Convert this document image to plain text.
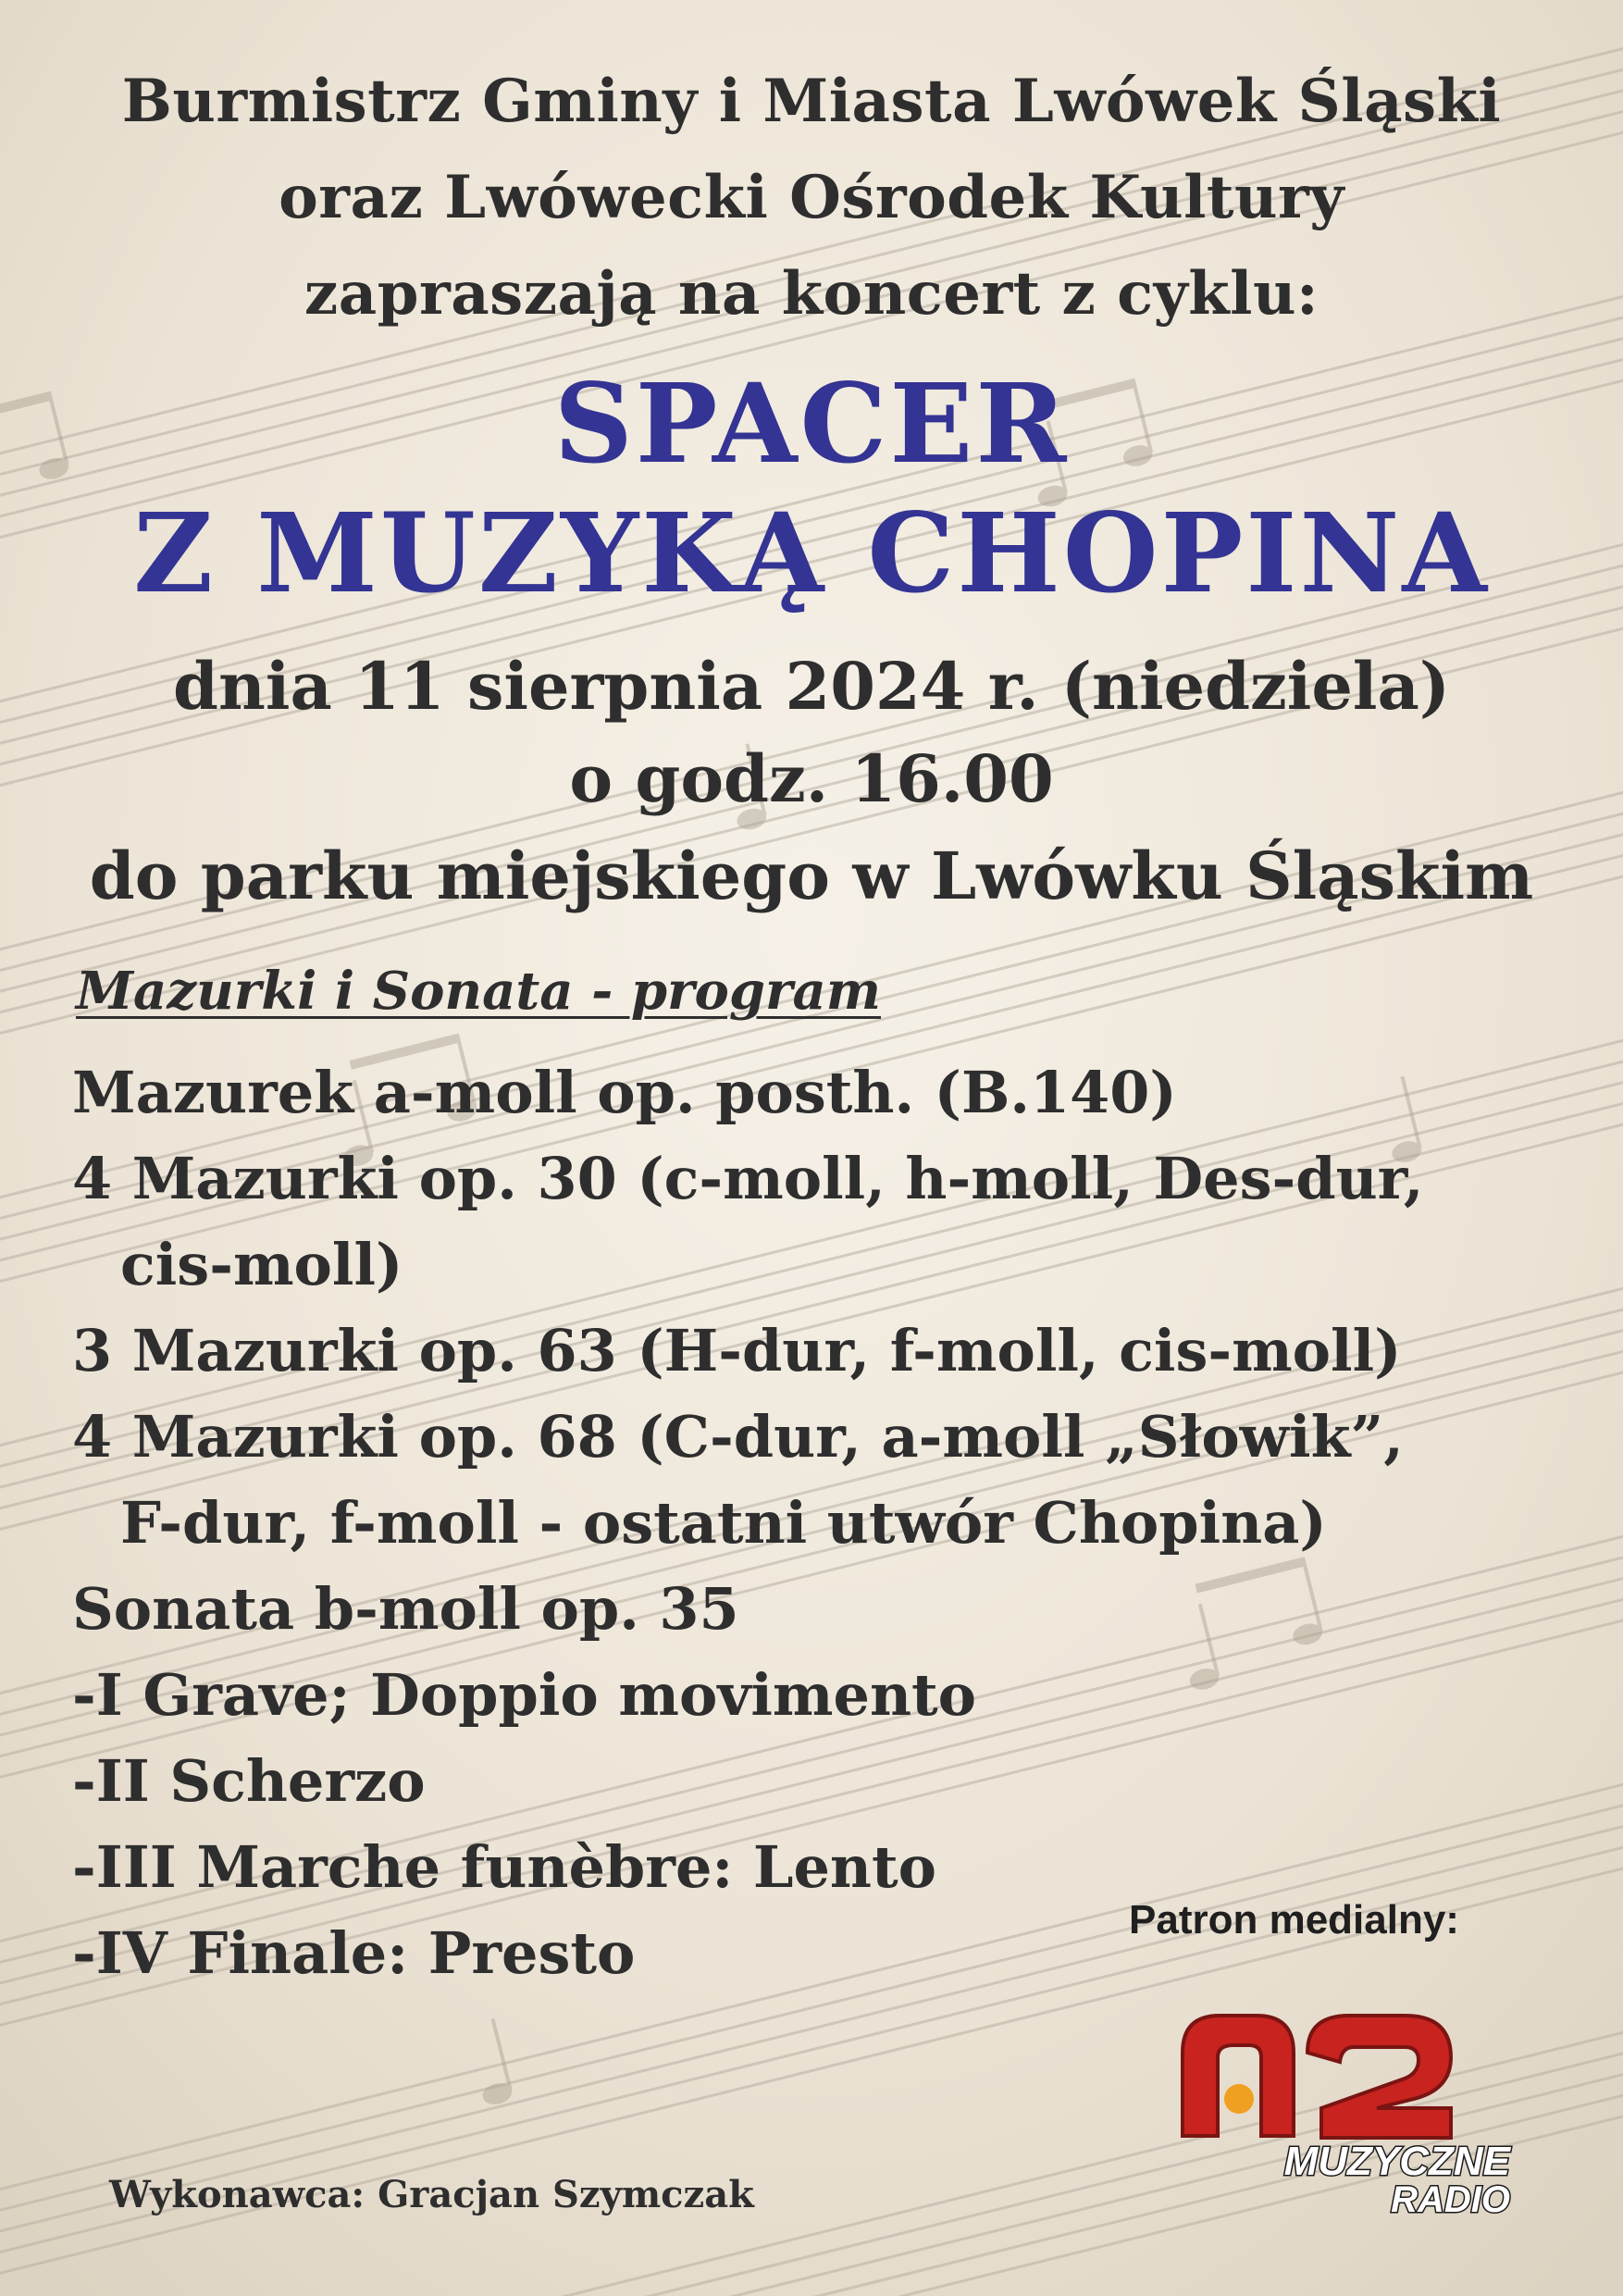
Burmistrz Gminy i Miasta Lwówek Śląski
oraz Lwówecki Ośrodek Kultury
zapraszają na koncert z cyklu:
SPACER
Z MUZYKĄ CHOPINA
dnia 11 sierpnia 2024 r. (niedziela)
o godz. 16.00
do parku miejskiego w Lwówku Śląskim
Mazurki i Sonata - program
Mazurek a-moll op. posth. (B.140)
4 Mazurki op. 30 (c-moll, h-moll, Des-dur,
cis-moll)
3 Mazurki op. 63 (H-dur, f-moll, cis-moll)
4 Mazurki op. 68 (C-dur, a-moll „Słowik”,
F-dur, f-moll - ostatni utwór Chopina)
Sonata b-moll op. 35
-I Grave; Doppio movimento
-II Scherzo
-III Marche funèbre: Lento
-IV Finale: Presto	Patron medialny:
MUZYCZNE
RADIO
Wykonawca: Gracjan Szymczak
